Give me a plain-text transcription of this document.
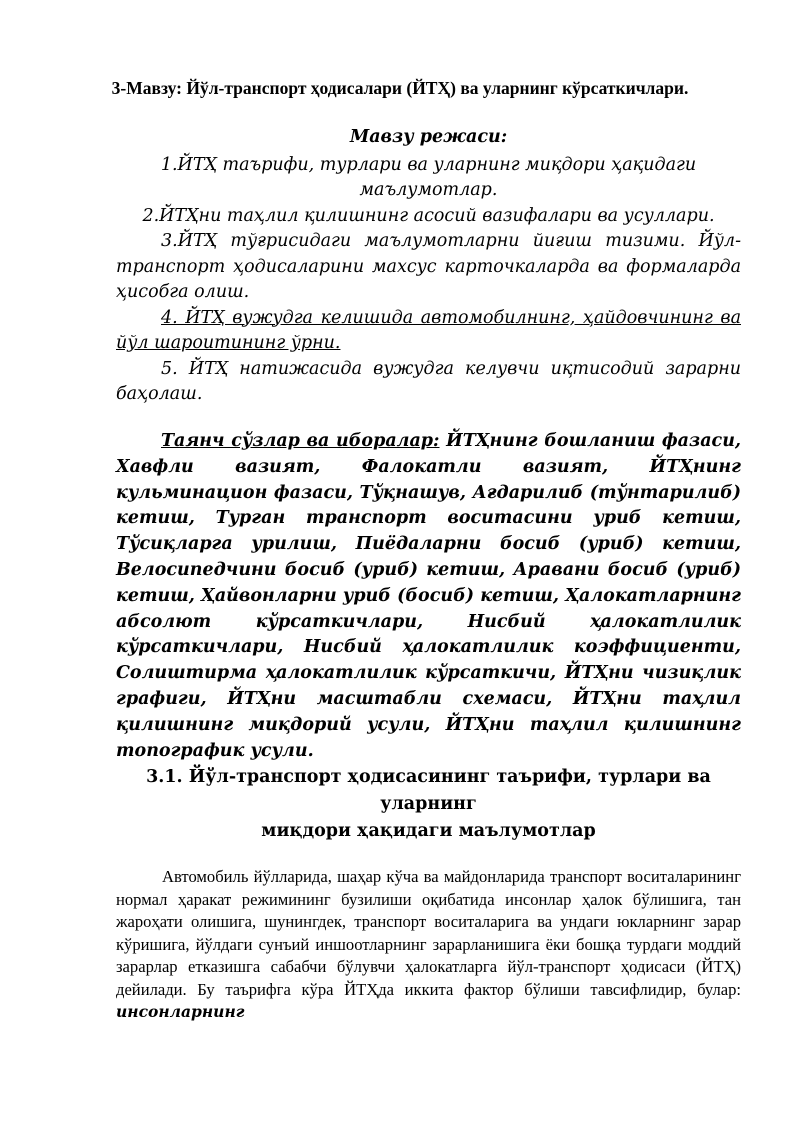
3-Мавзу: Йўл-транспорт ҳодисалари (ЙТҲ) ва уларнинг кўрсаткичлари.

Мавзу режаси:

1.ЙТҲ таърифи, турлари ва уларнинг миқдори ҳақидаги маълумотлар.

2.ЙТҲни таҳлил қилишнинг асосий вазифалари ва усуллари.

3.ЙТҲ тўғрисидаги маълумотларни йиғиш тизими. Йўл-транспорт ҳодисаларини махсус карточкаларда ва формаларда ҳисобга олиш.

4. ЙТҲ вужудга келишида автомобилнинг, ҳайдовчининг ва йўл шароитининг ўрни.

5. ЙТҲ натижасида вужудга келувчи иқтисодий зарарни баҳолаш.

Таянч сўзлар ва иборалар: ЙТҲнинг бошланиш фазаси, Хавфли вазият, Фалокатли вазият, ЙТҲнинг кульминацион фазаси, Тўқнашув, Ағдарилиб (тўнтарилиб) кетиш, Турган транспорт воситасини уриб кетиш, Тўсиқларга урилиш, Пиёдаларни босиб (уриб) кетиш, Велосипедчини босиб (уриб) кетиш, Аравани босиб (уриб) кетиш, Ҳайвонларни уриб (босиб) кетиш, Ҳалокатларнинг абсолют кўрсаткичлари, Нисбий ҳалокатлилик кўрсаткичлари, Нисбий ҳалокатлилик коэффициенти, Солиштирма ҳалокатлилик кўрсаткичи, ЙТҲни чизиқлик графиги, ЙТҲни масштабли схемаси, ЙТҲни таҳлил қилишнинг миқдорий усули, ЙТҲни таҳлил қилишнинг топографик усули.

3.1. Йўл-транспорт ҳодисасининг таърифи, турлари ва
уларнинг
миқдори ҳақидаги маълумотлар

Автомобиль йўлларида, шаҳар кўча ва майдонларида транспорт воситаларининг нормал ҳаракат режимининг бузилиши оқибатида инсонлар ҳалок бўлишига, тан жароҳати олишига, шунингдек, транспорт воситаларига ва ундаги юкларнинг зарар кўришига, йўлдаги сунъий иншоотларнинг зарарланишига ёки бошқа турдаги моддий зарарлар етказишга сабабчи бўлувчи ҳалокатларга йўл-транспорт ҳодисаси (ЙТҲ) дейилади. Бу таърифга кўра ЙТҲда иккита фактор бўлиши тавсифлидир, булар: инсонларнинг
